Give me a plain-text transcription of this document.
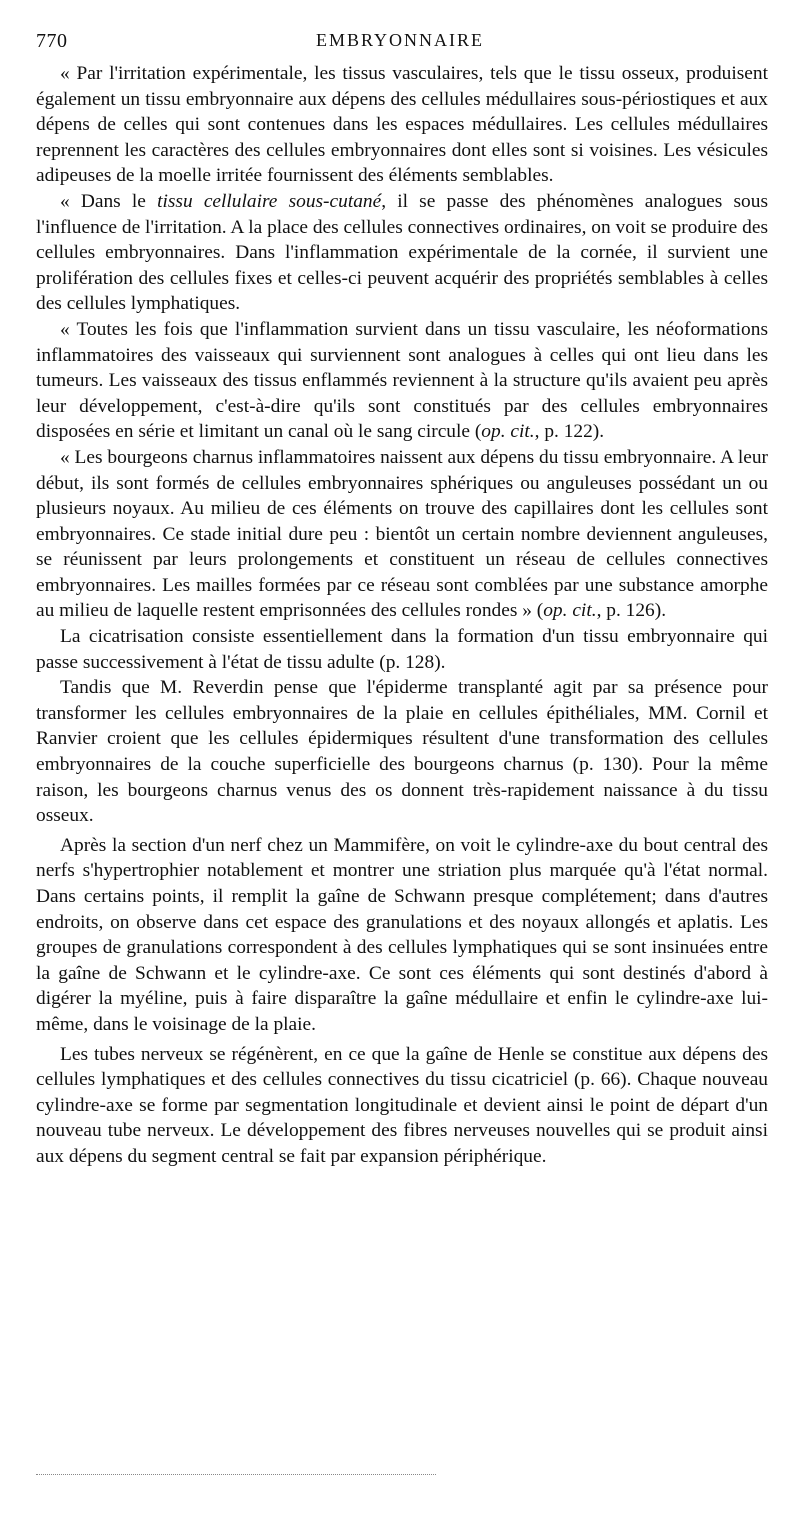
770	EMBRYONNAIRE

« Par l'irritation expérimentale, les tissus vasculaires, tels que le tissu osseux, produisent également un tissu embryonnaire aux dépens des cellules médullaires sous-périostiques et aux dépens de celles qui sont contenues dans les espaces médullaires. Les cellules médullaires reprennent les caractères des cellules embryonnaires dont elles sont si voisines. Les vésicules adipeuses de la moelle irritée fournissent des éléments semblables.

« Dans le tissu cellulaire sous-cutané, il se passe des phénomènes analogues sous l'influence de l'irritation. A la place des cellules connectives ordinaires, on voit se produire des cellules embryonnaires. Dans l'inflammation expérimentale de la cornée, il survient une prolifération des cellules fixes et celles-ci peuvent acquérir des propriétés semblables à celles des cellules lymphatiques.

« Toutes les fois que l'inflammation survient dans un tissu vasculaire, les néoformations inflammatoires des vaisseaux qui surviennent sont analogues à celles qui ont lieu dans les tumeurs. Les vaisseaux des tissus enflammés reviennent à la structure qu'ils avaient peu après leur développement, c'est-à-dire qu'ils sont constitués par des cellules embryonnaires disposées en série et limitant un canal où le sang circule (op. cit., p. 122).

« Les bourgeons charnus inflammatoires naissent aux dépens du tissu embryonnaire. A leur début, ils sont formés de cellules embryonnaires sphériques ou anguleuses possédant un ou plusieurs noyaux. Au milieu de ces éléments on trouve des capillaires dont les cellules sont embryonnaires. Ce stade initial dure peu : bientôt un certain nombre deviennent anguleuses, se réunissent par leurs prolongements et constituent un réseau de cellules connectives embryonnaires. Les mailles formées par ce réseau sont comblées par une substance amorphe au milieu de laquelle restent emprisonnées des cellules rondes » (op. cit., p. 126).

La cicatrisation consiste essentiellement dans la formation d'un tissu embryonnaire qui passe successivement à l'état de tissu adulte (p. 128).

Tandis que M. Reverdin pense que l'épiderme transplanté agit par sa présence pour transformer les cellules embryonnaires de la plaie en cellules épithéliales, MM. Cornil et Ranvier croient que les cellules épidermiques résultent d'une transformation des cellules embryonnaires de la couche superficielle des bourgeons charnus (p. 130). Pour la même raison, les bourgeons charnus venus des os donnent très-rapidement naissance à du tissu osseux.

Après la section d'un nerf chez un Mammifère, on voit le cylindre-axe du bout central des nerfs s'hypertrophier notablement et montrer une striation plus marquée qu'à l'état normal. Dans certains points, il remplit la gaîne de Schwann presque complétement; dans d'autres endroits, on observe dans cet espace des granulations et des noyaux allongés et aplatis. Les groupes de granulations correspondent à des cellules lymphatiques qui se sont insinuées entre la gaîne de Schwann et le cylindre-axe. Ce sont ces éléments qui sont destinés d'abord à digérer la myéline, puis à faire disparaître la gaîne médullaire et enfin le cylindre-axe lui-même, dans le voisinage de la plaie.

Les tubes nerveux se régénèrent, en ce que la gaîne de Henle se constitue aux dépens des cellules lymphatiques et des cellules connectives du tissu cicatriciel (p. 66). Chaque nouveau cylindre-axe se forme par segmentation longitudinale et devient ainsi le point de départ d'un nouveau tube nerveux. Le développement des fibres nerveuses nouvelles qui se produit ainsi aux dépens du segment central se fait par expansion périphérique.
